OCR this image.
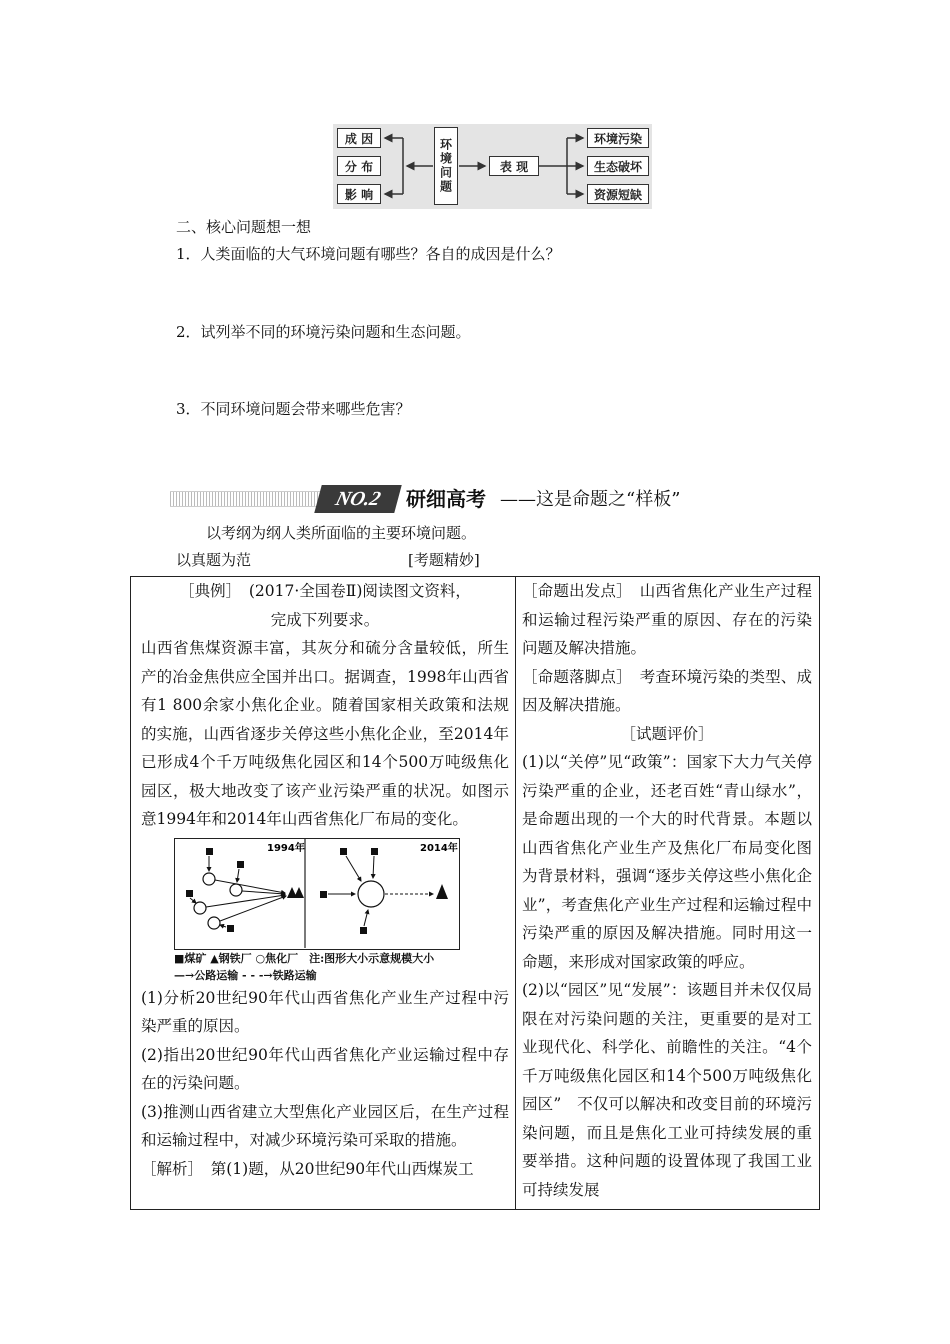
成 因
分 布
影 响
环境问题	表 现
环境污染
生态破坏
资源短缺
二、核心问题想一想
1．人类面临的大气环境问题有哪些？各自的成因是什么？
2．试列举不同的环境污染问题和生态问题。
3．不同环境问题会带来哪些危害？
NO.2	研细高考 ——这是命题之“样板”
以考纲为纲人类所面临的主要环境问题。
以真题为范	[考题精妙]
［典例］　(2017·全国卷Ⅱ)阅读图文资料，
完成下列要求。
山西省焦煤资源丰富，其灰分和硫分含量较低，所生产的冶金焦供应全国并出口。据调查，1998年山西省有1 800余家小焦化企业。随着国家相关政策和法规的实施，山西省逐步关停这些小焦化企业，至2014年已形成4个千万吨级焦化园区和14个500万吨级焦化园区，极大地改变了该产业污染严重的状况。如图示意1994年和2014年山西省焦化厂布局的变化。
1994年	2014年
■煤矿 ▲钢铁厂 ○焦化厂　注:图形大小示意规模大小
—→公路运输 - - -→铁路运输
(1)分析20世纪90年代山西省焦化产业生产过程中污染严重的原因。
(2)指出20世纪90年代山西省焦化产业运输过程中存在的污染问题。
(3)推测山西省建立大型焦化产业园区后，在生产过程和运输过程中，对减少环境污染可采取的措施。
［解析］　第(1)题，从20世纪90年代山西煤炭工
［命题出发点］　山西省焦化产业生产过程和运输过程污染严重的原因、存在的污染问题及解决措施。
［命题落脚点］　考查环境污染的类型、成因及解决措施。
［试题评价］
(1)以“关停”见“政策”：国家下大力气关停污染严重的企业，还老百姓“青山绿水”，是命题出现的一个大的时代背景。本题以山西省焦化产业生产及焦化厂布局变化图为背景材料，强调“逐步关停这些小焦化企业”，考查焦化产业生产过程和运输过程中污染严重的原因及解决措施。同时用这一命题，来形成对国家政策的呼应。
(2)以“园区”见“发展”：该题目并未仅仅局限在对污染问题的关注，更重要的是对工业现代化、科学化、前瞻性的关注。“4个千万吨级焦化园区和14个500万吨级焦化园区”　不仅可以解决和改变目前的环境污染问题，而且是焦化工业可持续发展的重要举措。这种问题的设置体现了我国工业可持续发展
